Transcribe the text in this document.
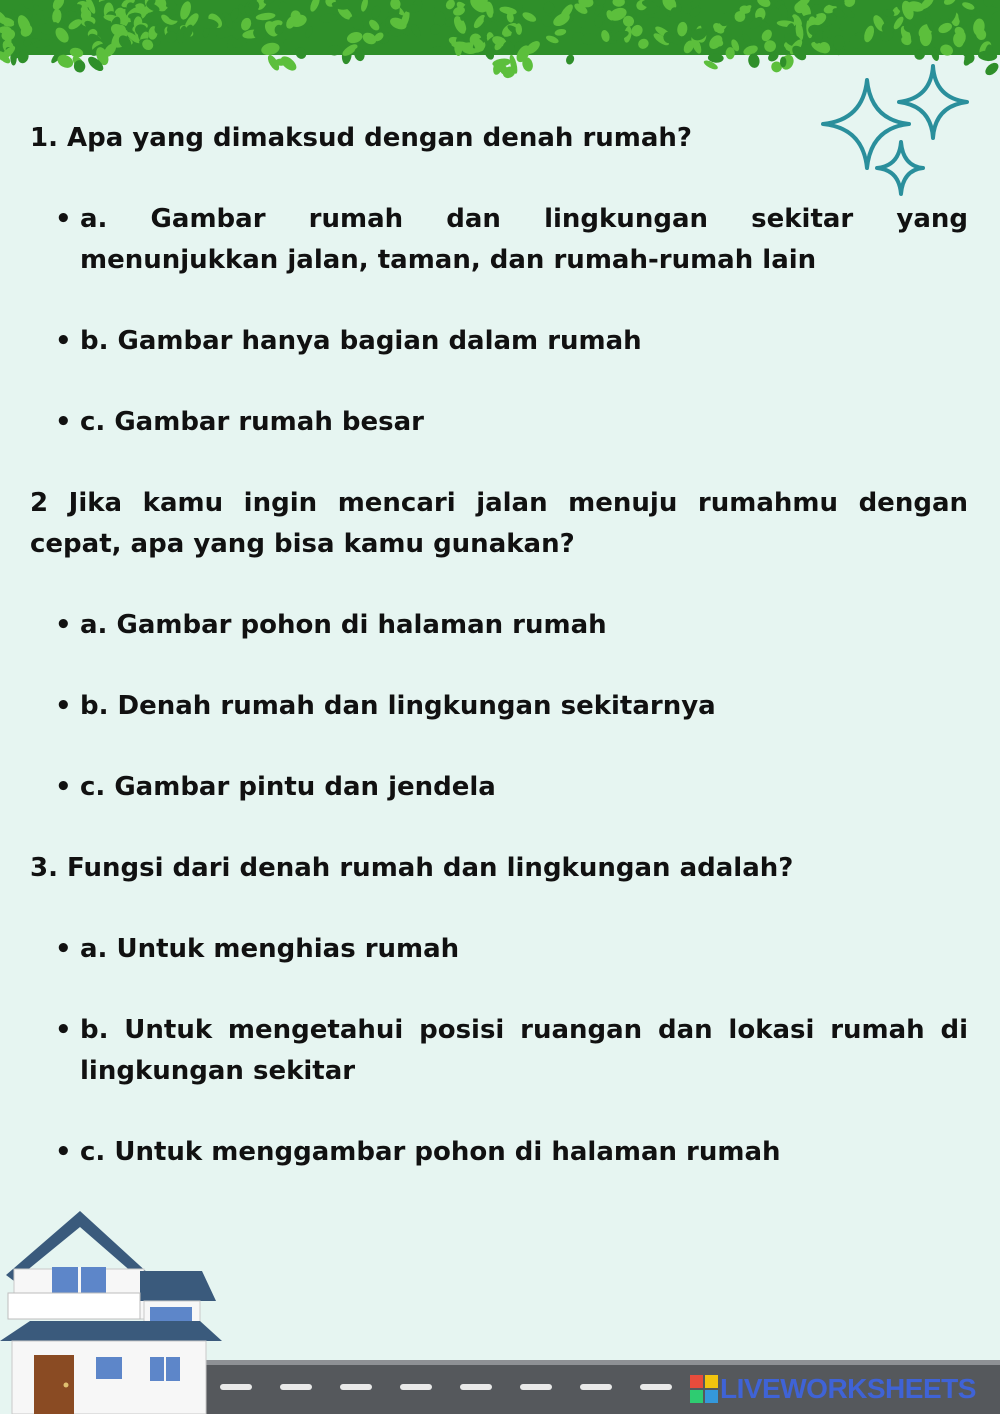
1. Apa yang dimaksud dengan denah rumah?

• a. Gambar rumah dan lingkungan sekitar yang menunjukkan jalan, taman, dan rumah-rumah lain
• b. Gambar hanya bagian dalam rumah
• c. Gambar rumah besar

2 Jika kamu ingin mencari jalan menuju rumahmu dengan cepat, apa yang bisa kamu gunakan?

• a. Gambar pohon di halaman rumah
• b. Denah rumah dan lingkungan sekitarnya
• c. Gambar pintu dan jendela

3. Fungsi dari denah rumah dan lingkungan adalah?

• a. Untuk menghias rumah
• b. Untuk mengetahui posisi ruangan dan lokasi rumah di lingkungan sekitar
• c. Untuk menggambar pohon di halaman rumah
LIVEWORKSHEETS
